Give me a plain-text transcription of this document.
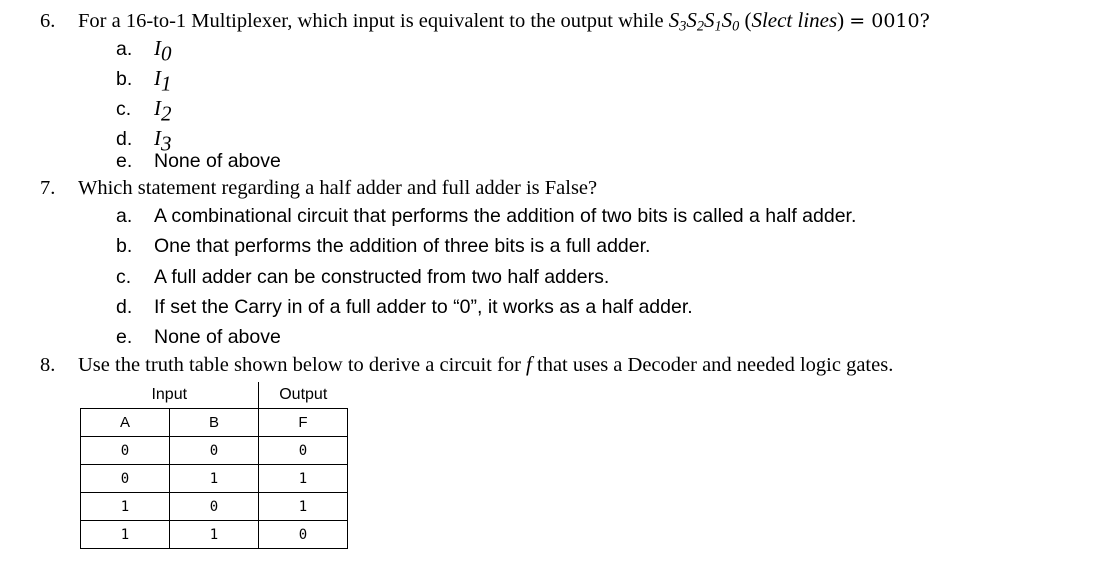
6. For a 16-to-1 Multiplexer, which input is equivalent to the output while $S_3S_2S_1S_0$ (Slect lines) = 0010?
a. $I_0$
b. $I_1$
c. $I_2$
d. $I_3$
e. None of above
7. Which statement regarding a half adder and full adder is False?
a. A combinational circuit that performs the addition of two bits is called a half adder.
b. One that performs the addition of three bits is a full adder.
c. A full adder can be constructed from two half adders.
d. If set the Carry in of a full adder to “0”, it works as a half adder.
e. None of above
8. Use the truth table shown below to derive a circuit for f that uses a Decoder and needed logic gates.
Input		Output
A	B	F
0	0	0
0	1	1
1	0	1
1	1	0
